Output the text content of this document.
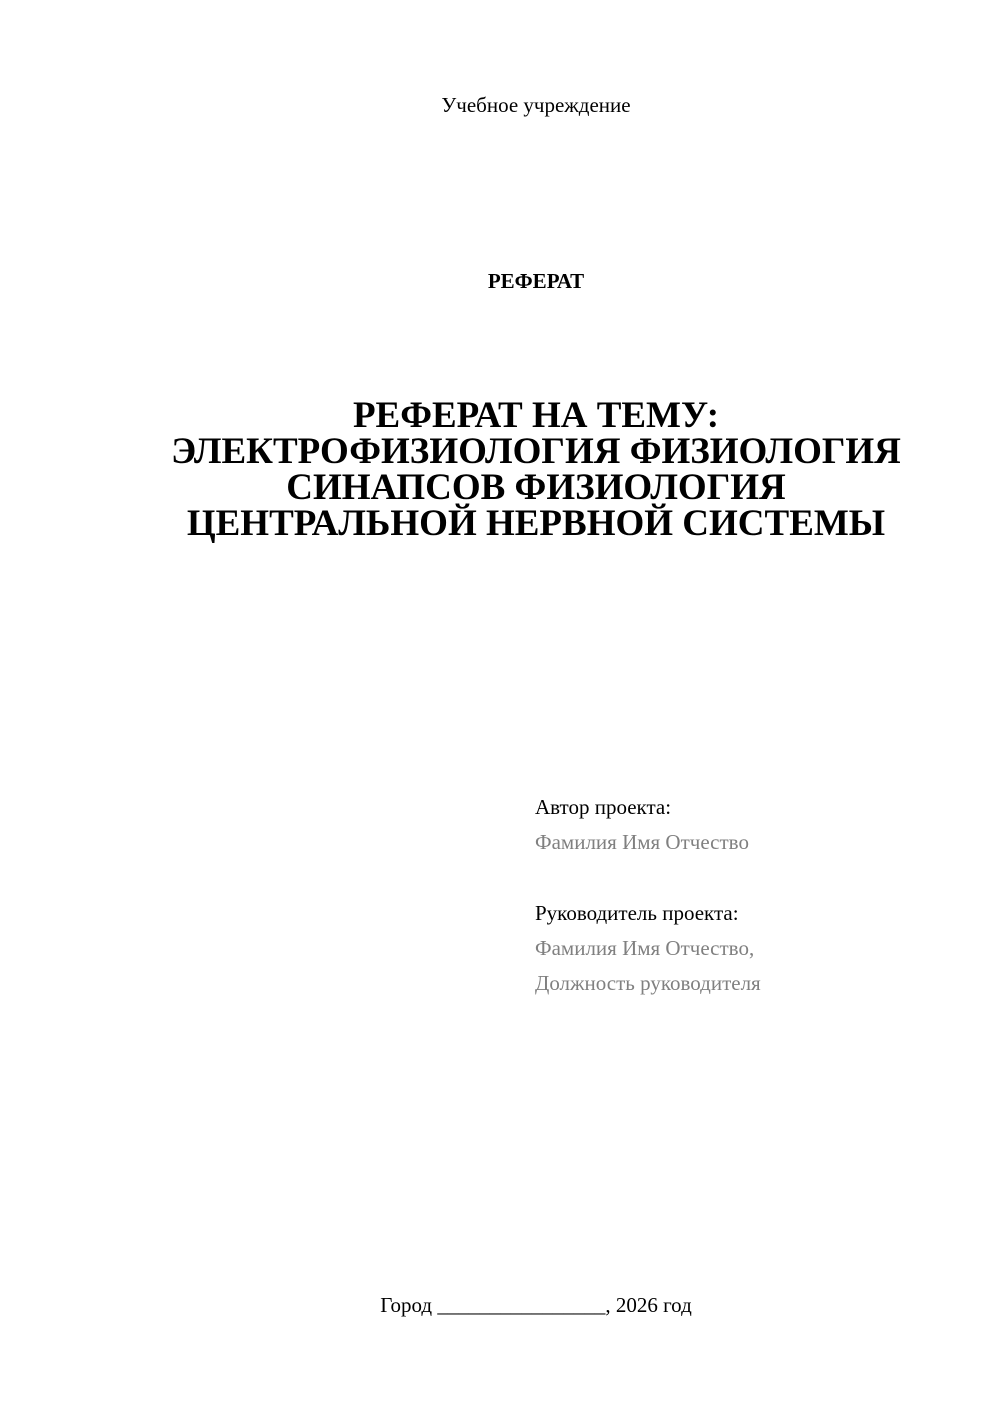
Учебное учреждение
РЕФЕРАТ
РЕФЕРАТ НА ТЕМУ:
ЭЛЕКТРОФИЗИОЛОГИЯ ФИЗИОЛОГИЯ
СИНАПСОВ ФИЗИОЛОГИЯ
ЦЕНТРАЛЬНОЙ НЕРВНОЙ СИСТЕМЫ

Автор проекта:

Фамилия Имя Отчество

Руководитель проекта:

Фамилия Имя Отчество,

Должность руководителя

Город ________________, 2026 год
